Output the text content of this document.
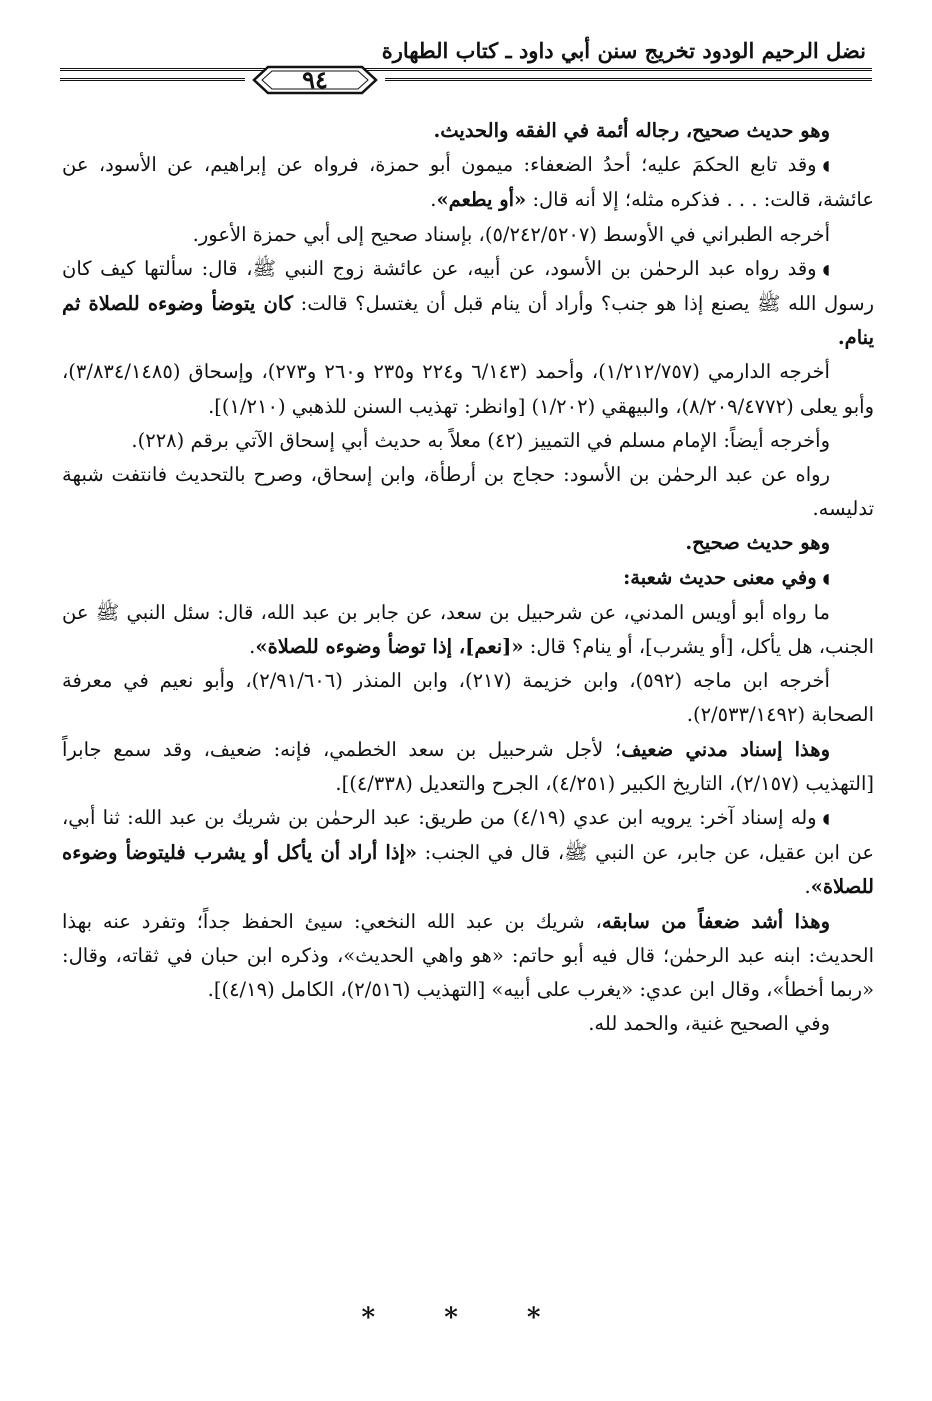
نضل الرحيم الودود تخريج سنن أبي داود ـ كتاب الطهارة
٩٤

وهو حديث صحيح، رجاله أئمة في الفقه والحديث.

◖وقد تابع الحكمَ عليه؛ أحدُ الضعفاء: ميمون أبو حمزة، فرواه عن إبراهيم، عن الأسود، عن عائشة، قالت: . . . فذكره مثله؛ إلا أنه قال: «أو يطعم».

أخرجه الطبراني في الأوسط (٥/٢٤٢/٥٢٠٧)، بإسناد صحيح إلى أبي حمزة الأعور.

◖وقد رواه عبد الرحمٰن بن الأسود، عن أبيه، عن عائشة زوج النبي ﷺ، قال: سألتها كيف كان رسول الله ﷺ يصنع إذا هو جنب؟ وأراد أن ينام قبل أن يغتسل؟ قالت: كان يتوضأ وضوءه للصلاة ثم ينام.

أخرجه الدارمي (١/٢١٢/٧٥٧)، وأحمد (٦/١٤٣ و٢٢٤ و٢٣٥ و٢٦٠ و٢٧٣)، وإسحاق (٣/٨٣٤/١٤٨٥)، وأبو يعلى (٨/٢٠٩/٤٧٧٢)، والبيهقي (١/٢٠٢) [وانظر: تهذيب السنن للذهبي (١/٢١٠)].

وأخرجه أيضاً: الإمام مسلم في التمييز (٤٢) معلاً به حديث أبي إسحاق الآتي برقم (٢٢٨).

رواه عن عبد الرحمٰن بن الأسود: حجاج بن أرطأة، وابن إسحاق، وصرح بالتحديث فانتفت شبهة تدليسه.

وهو حديث صحيح.

◖وفي معنى حديث شعبة:

ما رواه أبو أويس المدني، عن شرحبيل بن سعد، عن جابر بن عبد الله، قال: سئل النبي ﷺ عن الجنب، هل يأكل، [أو يشرب]، أو ينام؟ قال: «[نعم]، إذا توضأ وضوءه للصلاة».

أخرجه ابن ماجه (٥٩٢)، وابن خزيمة (٢١٧)، وابن المنذر (٢/٩١/٦٠٦)، وأبو نعيم في معرفة الصحابة (٢/٥٣٣/١٤٩٢).

وهذا إسناد مدني ضعيف؛ لأجل شرحبيل بن سعد الخطمي، فإنه: ضعيف، وقد سمع جابراً [التهذيب (٢/١٥٧)، التاريخ الكبير (٤/٢٥١)، الجرح والتعديل (٤/٣٣٨)].

◖وله إسناد آخر: يرويه ابن عدي (٤/١٩) من طريق: عبد الرحمٰن بن شريك بن عبد الله: ثنا أبي، عن ابن عقيل، عن جابر، عن النبي ﷺ، قال في الجنب: «إذا أراد أن يأكل أو يشرب فليتوضأ وضوءه للصلاة».

وهذا أشد ضعفاً من سابقه، شريك بن عبد الله النخعي: سيئ الحفظ جداً؛ وتفرد عنه بهذا الحديث: ابنه عبد الرحمٰن؛ قال فيه أبو حاتم: «هو واهي الحديث»، وذكره ابن حبان في ثقاته، وقال: «ربما أخطأ»، وقال ابن عدي: «يغرب على أبيه» [التهذيب (٢/٥١٦)، الكامل (٤/١٩)].

وفي الصحيح غنية، والحمد لله.

* * *
